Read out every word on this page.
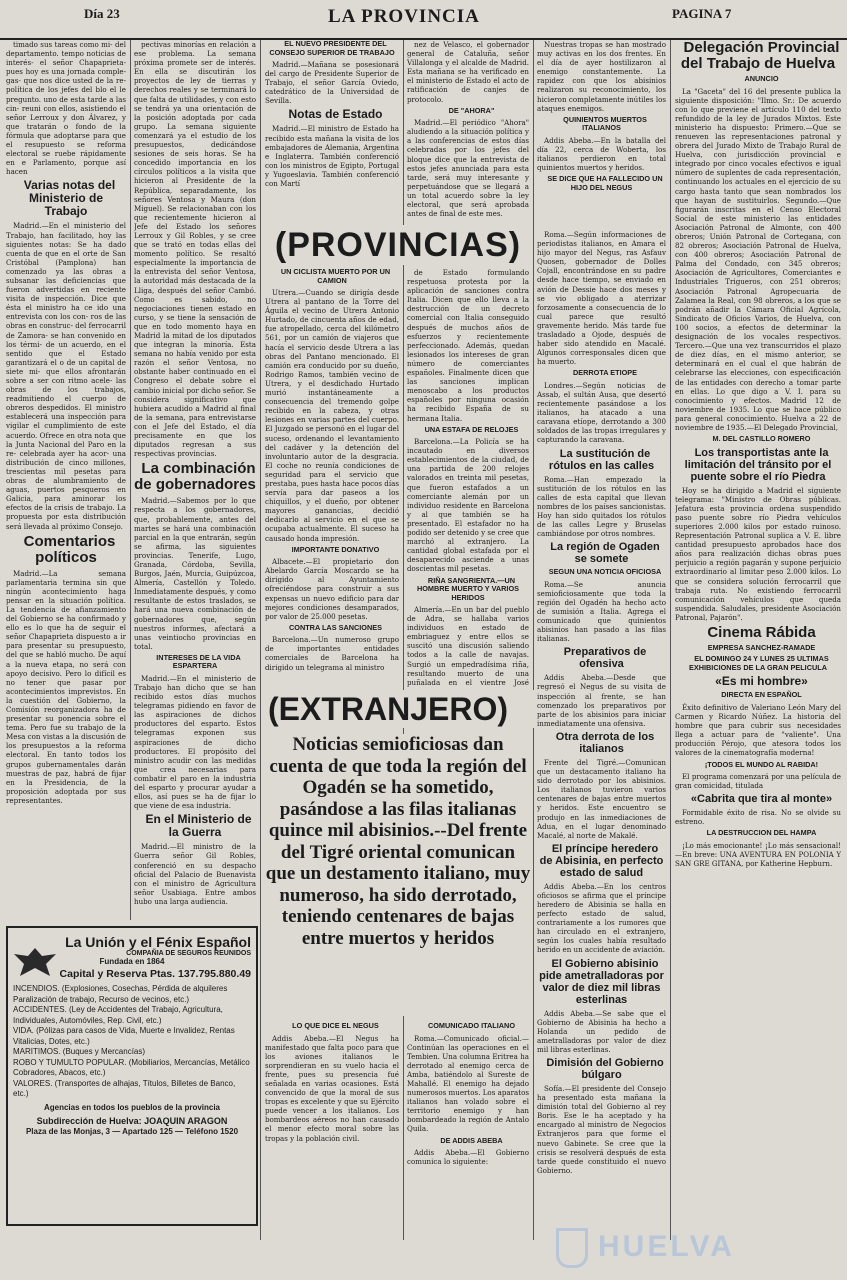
Día 23	LA PROVINCIA	PAGINA 7

timado sus tareas como mi- del departamento. tempo noticias de interés- el señor Chapaprieta-pues hoy es una jornada comple- gas- que nos dice usted de la re- política de los jefes del blo el le pregunto. uno de esta tarde a las cin- reuni con ellos, asistiendo el señor Lerroux y don Álvarez, y que tratarán o fondo de la fórmula que adoptarse para que el resupuesto se reforma electoral se ruebe rápidamente en e Parlamento, porque así hacen

Varias notas del Ministerio de Trabajo

Madrid.—En el ministerio del Trabajo, han facilitado, hoy las siguientes notas: Se ha dado cuenta de que en el orte de San Cristóbal (Pamplona) han comenzado ya las obras a subsanar las deficiencias que fueron advertidas en reciente visita de inspección. Dice que ésta el ministro ha ce ido una entrevista con los con- ros de las obras en construc- del ferrocarril de Zamora- se han convenido en los térmi- de un acuerdo, en el sentido que el Estado garantizará el o de un capital de siete mi- que ellos afrontarán sobre a ser con ritmo acele- las obras de los trabajos, readmitiendo el cuerpo de obreros despedidos. El ministro establecerá una inspección para vigilar el cumplimiento de este acuerdo. Ofrece en otra nota que la Junta Nacional del Paro en la re- celebrada ayer ha acor- una distribución de cinco millones, trescientas mil pesetas para obras de alumbramiento de aguas, puertos pesqueros en Galicia, para aminorar los efectos de la crisis de trabajo. La propuesta por esta distribución será llevada al próximo Consejo.

Comentarios políticos

Madrid.—La semana parlamentaria termina sin que ningún acontecimiento haga pensar en la situación política. La tendencia de afianzamiento del Gobierno se ha confirmado y ello es lo que ha de seguir el señor Chapaprieta dispuesto a ir para presentar su presupuesto, del que se habló mucho. De aquí a la nueva etapa, no será con apoyo decisivo. Pero lo difícil es no tener que pasar por acontecimientos imprevistos. En la cuestión del Gobierno, la Comisión reorganizadora ha de presentar su ponencia sobre el tema. Pero fue su trabajo de la Mesa con vistas a la discusión de los presupuestos a la reforma electoral. En tanto todos los grupos gubernamentales darán muestras de paz, habrá de fijar en la Presidencia, de la proposición adoptada por sus representantes.

pectivas minorías en relación a ese problema. La semana próxima promete ser de interés. En ella se discutirán los proyectos de ley de tierras y derechos reales y se terminará lo que falta de utilidades, y con esto se tendrá ya una orientación de la posición adoptada por cada grupo. La semana siguiente comenzará ya el estudio de los presupuestos, dedicándose sesiones de seis horas. Se ha concedido importancia en los círculos políticos a la visita que hicieron al Presidente de la República, separadamente, los señores Ventosa y Maura (don Miguel). Se relacionaban con los que recientemente hicieron al Jefe del Estado los señores Lerroux y Gil Robles, y se cree que se trató en todas ellas del momento político. Se resaltó especialmente la importancia de la entrevista del señor Ventosa, la autoridad más destacada de la Lliga, después del señor Cambó. Como es sabido, no negociaciones tienen estado en curso, y se tiene la sensación de que en todo momento haya en Madrid la mitad de los diputados que integran la minoría. Esta semana no había venido por esta razón el señor Ventosa, no obstante haber continuado en el Congreso el debate sobre el cambio inicial por dicho señor. Se considera significativo que hubiera acudido a Madrid al final de la semana, para entrevistarse con el Jefe del Estado, el día precisamente en que los diputados regresan a sus respectivas provincias.

La combinación de gobernadores

Madrid.—Sabemos por lo que respecta a los gobernadores, que, probablemente, antes del martes se hará una combinación parcial en la que entrarán, según se afirma, las siguientes provincias. Tenerife, Lugo, Granada, Córdoba, Sevilla, Burgos, Jaén, Murcia, Guipúzcoa, Almería, Castellón y Toledo. Inmediatamente después, y como resultante de estos traslados, se hará una nueva combinación de gobernadores que, según nuestros informes, afectará a unas veintiocho provincias en total.

INTERESES DE LA VIDA ESPARTERA

Madrid.—En el ministerio de Trabajo han dicho que se han recibido estos días muchos telegramas pidiendo en favor de las aspiraciones de dichos productores del esparto. Estos telegramas exponen sus aspiraciones de dicho productores. El propósito del ministro acudir con las medidas que crea necesarias para combatir el paro en la industria del esparto y procurar ayudar a ellos, así pues se ha de fijar lo que viene de esa industria.

En el Ministerio de la Guerra

Madrid.—El ministro de la Guerra señor Gil Robles, conferenció en su despacho oficial del Palacio de Buenavista con el ministro de Agricultura señor Usabiaga. Entre ambos hubo una larga audiencia.

La Unión y el Fénix Español
COMPAÑIA DE SEGUROS REUNIDOS
Fundada en 1864
Capital y Reserva Ptas. 137.795.880.49

INCENDIOS. (Explosiones, Cosechas, Pérdida de alquileres Paralización de trabajo, Recurso de vecinos, etc.)

ACCIDENTES. (Ley de Accidentes del Trabajo, Agricultura, Individuales, Automóviles, Rep. Civil, etc.)

VIDA. (Pólizas para casos de Vida, Muerte e Invalidez, Rentas Vitalicias, Dotes, etc.)

MARITIMOS. (Buques y Mercancías)

ROBO Y TUMULTO POPULAR. (Mobiliarios, Mercancías, Metálico Cobradores, Abacos, etc.)

VALORES. (Transportes de alhajas, Títulos, Billetes de Banco, etc.)

Agencias en todos los pueblos de la provincia

Subdirección de Huelva: JOAQUIN ARAGON

Plaza de las Monjas, 3 — Apartado 125 — Teléfono 1520

EL NUEVO PRESIDENTE DEL CONSEJO SUPERIOR DE TRABAJO

Madrid.—Mañana se posesionará del cargo de Presidente Superior de Trabajo, el señor García Oviedo, catedrático de la Universidad de Sevilla.

Notas de Estado

Madrid.—El ministro de Estado ha recibido esta mañana la visita de los embajadores de Alemania, Argentina e Inglaterra. También conferenció con los ministros de Egipto, Portugal y Yugoeslavia. También conferenció con Martí

nez de Velasco, el gobernador general de Cataluña, señor Villalonga y el alcalde de Madrid. Esta mañana se ha verificado en el ministerio de Estado el acto de ratificación de canjes de protocolo.

DE "AHORA"

Madrid.—El periódico "Ahora" aludiendo a la situación política y a las conferencias de estos días celebradas por los jefes del bloque dice que la entrevista de estos jefes anunciada para esta tarde, será muy interesante y perpetuándose que se llegará a un total acuerdo sobre la ley electoral, que será aprobada antes de final de este mes.

Nuestras tropas se han mostrado muy activas en los dos frentes. En el día de ayer hostilizaron al enemigo constantemente. La rapidez con que los abisinios realizaron su reconocimiento, los hicieron completamente inútiles los ataques enemigos.

QUINIENTOS MUERTOS ITALIANOS

Addis Abeba.—En la batalla del día 22, cerca de Woberta, los italianos perdieron en total quinientos muertos y heridos.

SE DICE QUE HA FALLECIDO UN HIJO DEL NEGUS

(PROVINCIAS)

UN CICLISTA MUERTO POR UN CAMION

Utrera.—Cuando se dirigía desde Utrera al pantano de la Torre del Águila el vecino de Utrera Antonio Hurtado, de cincuenta años de edad, fue atropellado, cerca del kilómetro 561, por un camión de viajeros que hacía el servicio desde Utrera a las obras del Pantano mencionado. El camión era conducido por su dueño, Rodrigo Ramos, también vecino de Utrera, y el desdichado Hurtado murió instantáneamente a consecuencia del tremendo golpe recibido en la cabeza, y otras lesiones en varias partes del cuerpo. El Juzgado se personó en el lugar del suceso, ordenando el levantamiento del cadáver y la detención del involuntario autor de la desgracia. El coche no reunía condiciones de seguridad para el servicio que prestaba, pues hasta hace pocos días servía para dar paseos a los chiquillos, y el dueño, por obtener mayores ganancias, decidió dedicarlo al servicio en el que se ocupaba actualmente. El suceso ha causado honda impresión.

IMPORTANTE DONATIVO

Albacete.—El propietario don Abelardo García Moscardo se ha dirigido al Ayuntamiento ofreciéndose para construir a sus expensas un nuevo edificio para dar mejores condiciones desamparados, por valor de 25.000 pesetas.

CONTRA LAS SANCIONES

Barcelona.—Un numeroso grupo de importantes entidades comerciales de Barcelona ha dirigido un telegrama al ministro

de Estado formulando respetuosa protesta por la aplicación de sanciones contra Italia. Dicen que ello lleva a la destrucción de un decreto comercial con Italia conseguido después de muchos años de esfuerzos y recientemente perfeccionado. Además, quedan lesionados los intereses de gran número de comerciantes españoles. Finalmente dicen que las sanciones implican menoscabo a los productos españoles por ninguna ocasión ha recibido España de su hermana Italia.

UNA ESTAFA DE RELOJES

Barcelona.—La Policía se ha incautado en diversos establecimientos de la ciudad, de una partida de 200 relojes valorados en treinta mil pesetas, que fueron estafados a un comerciante alemán por un individuo residente en Barcelona y al que también se ha presentado. El estafador no ha podido ser detenido y se cree que marchó al extranjero. La cantidad global estafada por el desaparecido asciende a unas doscientas mil pesetas.

RIÑA SANGRIENTA.—UN HOMBRE MUERTO Y VARIOS HERIDOS

Almería.—En un bar del pueblo de Adra, se hallaba varios individuos en estado de embriaguez y entre ellos se suscitó una discusión saliendo todos a la calle de navajas. Surgió un empedradísima riña, resultando muerto de una puñalada en el vientre José

Roma.—Según informaciones de periodistas italianos, en Amara el hijo mayor del Negus, ras Asfauv Quosen, gobernador de Dolles Cojall, encontrándose en su padre desde hace tiempo, se enviado en avión de Dessie hace dos meses y se vio obligado a aterrizar forzosamente a consecuencia de lo cual parece que resultó gravemente herido. Más tarde fue trasladado a Ojode, después de haber sido atendido en Macalé. Algunos corresponsales dicen que ha muerto.

DERROTA ETIOPE

Londres.—Según noticias de Assab, el sultán Ausa, que desertó recientemente pasándose a los italianos, ha atacado a una caravana etíope, derrotando a 300 soldados de las tropas irregulares y capturando la caravana.

La sustitución de rótulos en las calles

Roma.—Han empezado la sustitución de los rótulos en las calles de esta capital que llevan nombres de los países sancionistas. Hoy han sido quitados los rótulos de las calles Legre y Bruselas cambiándose por otros nombres.

La región de Ogaden se somete

SEGUN UNA NOTICIA OFICIOSA

Roma.—Se anuncia semioficiosamente que toda la región del Ogadén ha hecho acto de sumisión a Italia. Agrega el comunicado que quinientos abisinios han pasado a las filas italianas.

Preparativos de ofensiva

Addis Abeba.—Desde que regresó el Negus de su visita de inspección al frente, se han comenzado los preparativos por parte de los abisinios para iniciar inmediatamente una ofensiva.

Otra derrota de los italianos

Frente del Tigré.—Comunican que un destacamento italiano ha sido derrotado por los abisinios. Los italianos tuvieron varios centenares de bajas entre muertos y heridos. Este encuentro se produjo en las inmediaciones de Adua, en el lugar denominado Macalé, al norte de Makalé.

El príncipe heredero de Abisinia, en perfecto estado de salud

Addis Abeba.—En los centros oficiosos se afirma que el príncipe heredero de Abisinia se halla en perfecto estado de salud, contrariamente a los rumores que han circulado en el extranjero, según los cuales había resultado herido en un accidente de aviación.

El Gobierno abisinio pide ametralladoras por valor de diez mil libras esterlinas

Addis Abeba.—Se sabe que el Gobierno de Abisinia ha hecho a Holanda un pedido de ametralladoras por valor de diez mil libras esterlinas.

Dimisión del Gobierno búlgaro

Sofía.—El presidente del Consejo ha presentado esta mañana la dimisión total del Gobierno al rey Boris. Ese le ha aceptado y ha encargado al ministro de Negocios Extranjeros para que forme el nuevo Gabinete. Se cree que la crisis se resolverá después de esta tarde quede constituido el nuevo Gobierno.

(EXTRANJERO)
Noticias semioficiosas dan cuenta de que toda la región del Ogadén se ha sometido, pasándose a las filas italianas quince mil abisinios.--Del frente del Tigré oriental comunican que un destamento italiano, muy numeroso, ha sido derrotado, teniendo centenares de bajas entre muertos y heridos

LO QUE DICE EL NEGUS

Addis Abeba.—El Negus ha manifestado que falta poco para que los aviones italianos le sorprendieran en su vuelo hacia el frente, pues su presencia fué señalada en varias ocasiones. Está convencido de que la moral de sus tropas es excelente y que su Ejército puede vencer a los italianos. Los bombardeos aéreos no han causado el menor efecto moral sobre las tropas y la población civil.

COMUNICADO ITALIANO

Roma.—Comunicado oficial.—Continúan las operaciones en el Tembien. Una columna Eritrea ha derrotado al enemigo cerca de Amba, batiéndolo al Sureste de Mahallé. El enemigo ha dejado numerosos muertos. Los aparatos italianos han volado sobre el territorio enemigo y han bombardeado la región de Antalo Quila.

DE ADDIS ABEBA

Addis Abeba.—El Gobierno comunica lo siguiente:

Delegación Provincial del Trabajo de Huelva

ANUNCIO

La "Gaceta" del 16 del presente publica la siguiente disposición: "Ilmo. Sr.: De acuerdo con lo que previene el artículo 110 del texto refundido de la ley de Jurados Mixtos. Este ministerio ha dispuesto: Primero.—Que se renueven las representaciones patronal y obrera del Jurado Mixto de Trabajo Rural de Huelva, con jurisdicción provincial e integrado por cinco vocales efectivos e igual número de suplentes de cada representación, continuando los actuales en el ejercicio de su cargo hasta tanto que sean nombrados los que hayan de sustituirlos. Segundo.—Que figurarán inscritas en el Censo Electoral Social de este ministerio las entidades Asociación Patronal de Almonte, con 400 obreros; Unión Patronal de Cortegana, con 82 obreros; Asociación Patronal de Huelva, con 400 obreros; Asociación Patronal de Palma del Condado, con 345 obreros; Asociación de Agricultores, Comerciantes e Industriales Trigueros, con 251 obreros; Asociación Patronal Agropecuaria de Zalamea la Real, con 98 obreros, a los que se podrán añadir la Cámara Oficial Agrícola, Sindicato de Oficios Varios, de Huelva, con 100 socios, a efectos de determinar la designación de los vocales respectivos. Tercero.—Que una vez transcurridos el plazo de diez días, en el mismo anterior, se determinará en el cual el que habrán de celebrarse las elecciones, con especificación de las entidades con derecho a tomar parte en ellas. Lo que digo a V. I. para su conocimiento y efectos. Madrid 12 de noviembre de 1935. Lo que se hace público para general conocimiento. Huelva a 22 de noviembre de 1935.—El Delegado Provincial,

M. DEL CASTILLO ROMERO

Los transportistas ante la limitación del tránsito por el puente sobre el río Piedra

Hoy se ha dirigido a Madrid el siguiente telegrama: "Ministro de Obras públicas. Jefatura esta provincia ordena suspendido paso puente sobre río Piedra vehículos superiores 2.000 kilos por estado ruinoso. Representación Patronal suplica a V. E. libre cantidad presupuesto aprobados hace dos años para realización dichas obras pues perjuicio a región pagarán y supone perjuicio extraordinario al limitar peso 2.000 kilos. Lo que se considera solución ferrocarril que trabaja ruta. No existiendo ferrocarril comunicación vehículos que queda suspendida. Saludales, presidente Asociación Patronal, Pajarón".

Cinema Rábida

EMPRESA SANCHEZ-RAMADE

EL DOMINGO 24 Y LUNES 25 ULTIMAS EXHIBICIONES DE LA GRAN PELICULA

«Es mi hombre»

DIRECTA EN ESPAÑOL

Éxito definitivo de Valeriano León Mary del Carmen y Ricardo Núñez. La historia del hombre que para cubrir sus necesidades llega a actuar para de "valiente". Una producción Pérojo, que atesora todos los valores de la cinematografía moderna!

¡TODOS EL MUNDO AL RABIDA!

El programa comenzará por una película de gran comicidad, titulada

«Cabrita que tira al monte»

Formidable éxito de risa. No se olvide su estreno.

LA DESTRUCCION DEL HAMPA

¡Lo más emocionante! ¡Lo más sensacional!—En breve: UNA AVENTURA EN POLONIA Y SAN GRE GITANA, por Katherine Hepburn.

HUELVA
